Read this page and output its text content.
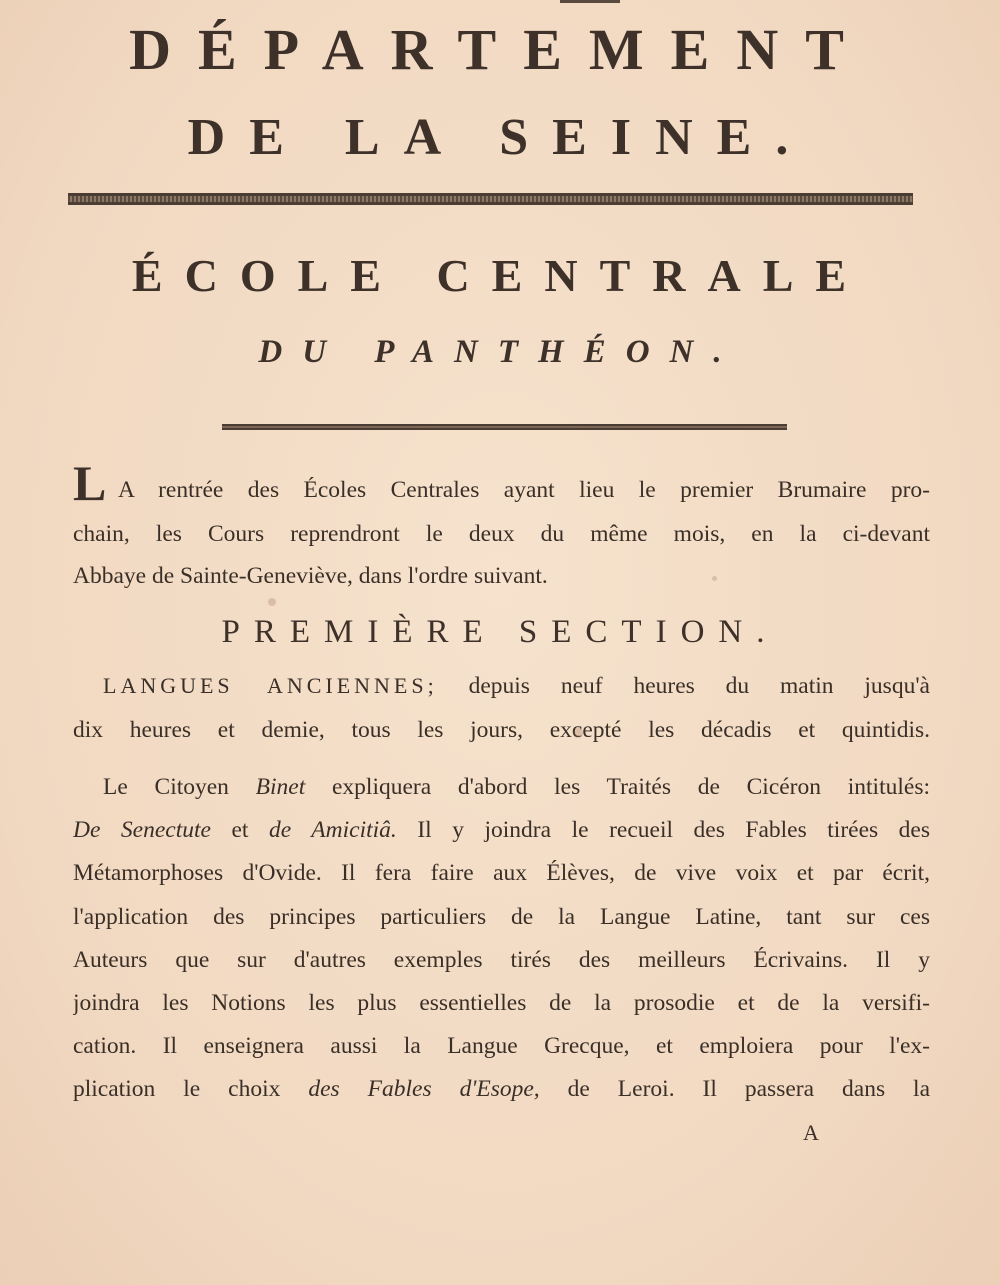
DÉPARTEMENT
DE LA SEINE.
ÉCOLE CENTRALE
DU PANTHÉON.
L A rentrée des Écoles Centrales ayant lieu le premier Brumaire pro-
chain, les Cours reprendront le deux du même mois, en la ci-devant
Abbaye de Sainte-Geneviève, dans l'ordre suivant.
PREMIÈRE SECTION.
LANGUES ANCIENNES; depuis neuf heures du matin jusqu'à
dix heures et demie, tous les jours, excepté les décadis et quintidis.
Le Citoyen Binet expliquera d'abord les Traités de Cicéron intitulés:
De Senectute et de Amicitiâ. Il y joindra le recueil des Fables tirées des
Métamorphoses d'Ovide. Il fera faire aux Élèves, de vive voix et par écrit,
l'application des principes particuliers de la Langue Latine, tant sur ces
Auteurs que sur d'autres exemples tirés des meilleurs Écrivains. Il y
joindra les Notions les plus essentielles de la prosodie et de la versifi-
cation. Il enseignera aussi la Langue Grecque, et emploiera pour l'ex-
plication le choix des Fables d'Esope, de Leroi. Il passera dans la
A
